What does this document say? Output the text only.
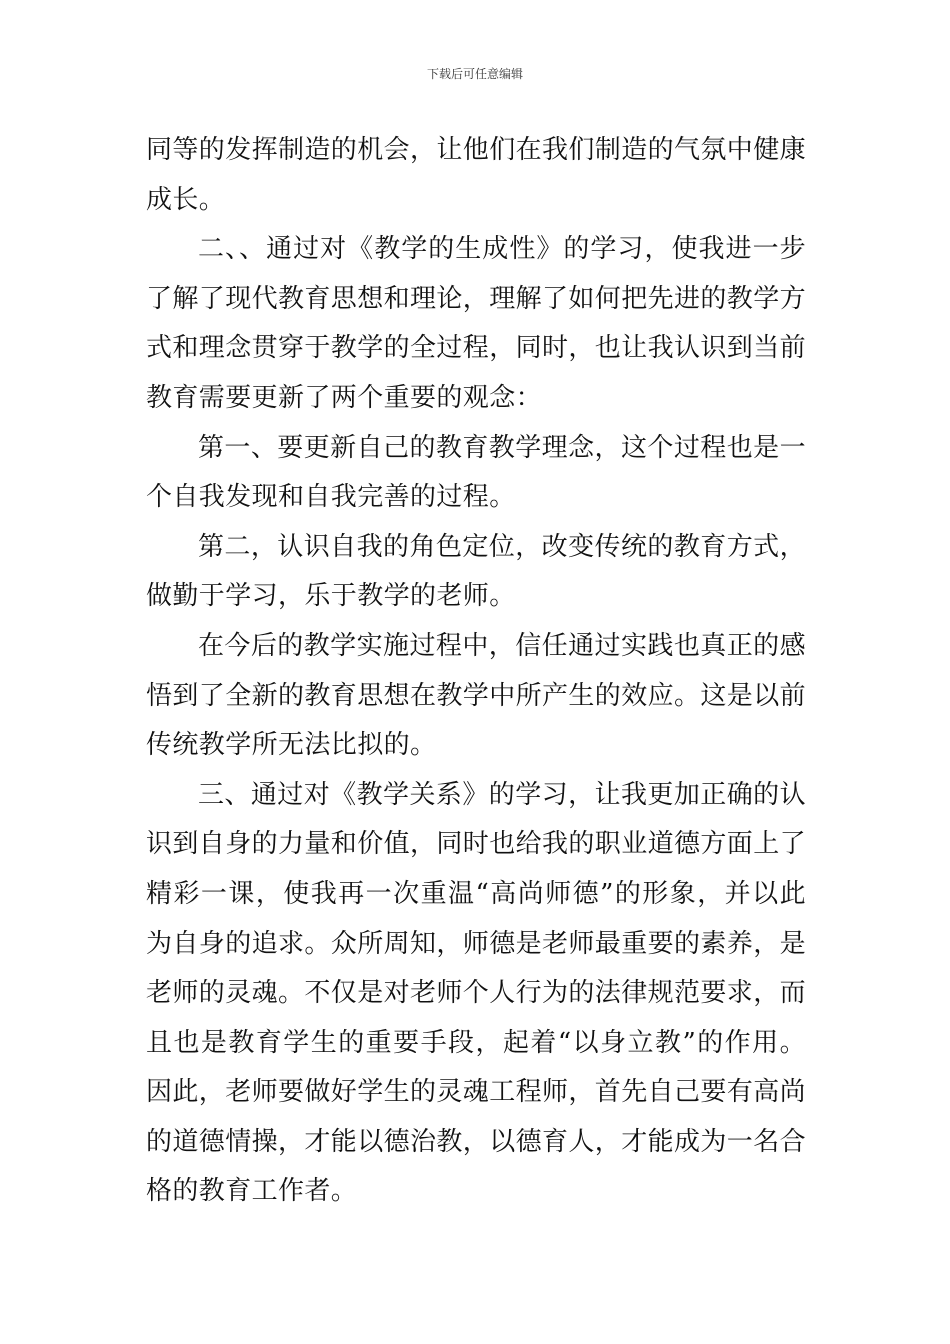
下载后可任意编辑

同等的发挥制造的机会，让他们在我们制造的气氛中健康成长。

二、、通过对《教学的生成性》的学习，使我进一步了解了现代教育思想和理论，理解了如何把先进的教学方式和理念贯穿于教学的全过程，同时，也让我认识到当前教育需要更新了两个重要的观念：

第一、要更新自己的教育教学理念，这个过程也是一个自我发现和自我完善的过程。

第二，认识自我的角色定位，改变传统的教育方式，做勤于学习，乐于教学的老师。

在今后的教学实施过程中，信任通过实践也真正的感悟到了全新的教育思想在教学中所产生的效应。这是以前传统教学所无法比拟的。

三、通过对《教学关系》的学习，让我更加正确的认识到自身的力量和价值，同时也给我的职业道德方面上了精彩一课，使我再一次重温“高尚师德”的形象，并以此为自身的追求。众所周知，师德是老师最重要的素养，是老师的灵魂。不仅是对老师个人行为的法律规范要求，而且也是教育学生的重要手段，起着“以身立教”的作用。因此，老师要做好学生的灵魂工程师，首先自己要有高尚的道德情操，才能以德治教，以德育人，才能成为一名合格的教育工作者。
